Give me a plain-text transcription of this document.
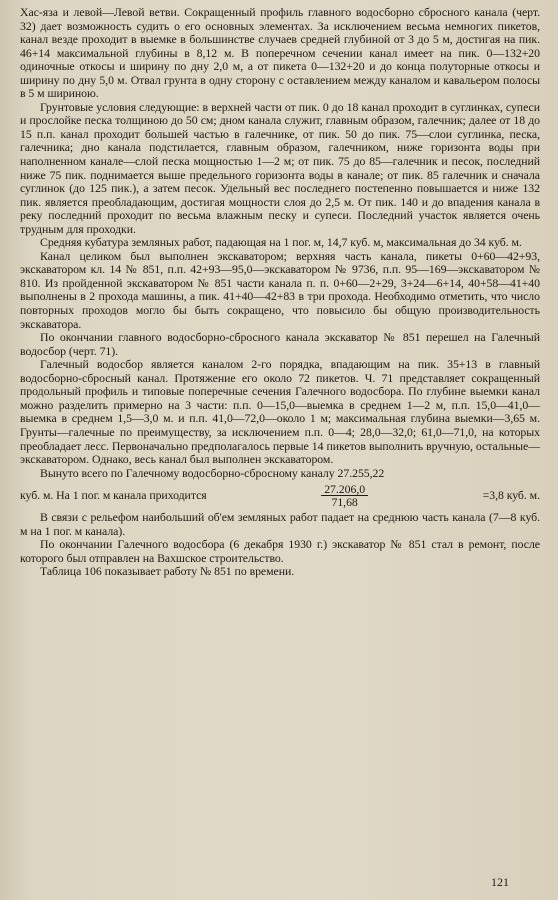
Хас-яза и левой—Левой ветви. Сокращенный профиль главного водосборно сбросного канала (черт. 32) дает возможность судить о его основных элементах. За исключением весьма немногих пикетов, канал везде проходит в выемке в большинстве случаев средней глубиной от 3 до 5 м, достигая на пик. 46+14 максимальной глубины в 8,12 м. В поперечном сечении канал имеет на пик. 0—132+20 одиночные откосы и ширину по дну 2,0 м, а от пикета 0—132+20 и до конца полуторные откосы и ширину по дну 5,0 м. Отвал грунта в одну сторону с оставлением между каналом и кавальером полосы в 5 м шириною.

Грунтовые условия следующие: в верхней части от пик. 0 до 18 канал проходит в суглинках, супеси и прослойке песка толщиною до 50 см; дном канала служит, главным образом, галечник; далее от 18 до 15 п.п. канал проходит большей частью в галечнике, от пик. 50 до пик. 75—слои суглинка, песка, галечника; дно канала подстилается, главным образом, галечником, ниже горизонта воды при наполненном канале—слой песка мощностью 1—2 м; от пик. 75 до 85—галечник и песок, последний ниже 75 пик. поднимается выше предельного горизонта воды в канале; от пик. 85 галечник и сначала суглинок (до 125 пик.), а затем песок. Удельный вес последнего постепенно повышается и ниже 132 пик. является преобладающим, достигая мощности слоя до 2,5 м. От пик. 140 и до впадения канала в реку последний проходит по весьма влажным песку и супеси. Последний участок является очень трудным для проходки.

Средняя кубатура земляных работ, падающая на 1 пог. м, 14,7 куб. м, максимальная до 34 куб. м.

Канал целиком был выполнен экскаватором; верхняя часть канала, пикеты 0+60—42+93, экскаватором кл. 14 № 851, п.п. 42+93—95,0—экскаватором № 9736, п.п. 95—169—экскаватором № 810. Из пройденной экскаватором № 851 части канала п. п. 0+60—2+29, 3+24—6+14, 40+58—41+40 выполнены в 2 прохода машины, а пик. 41+40—42+83 в три прохода. Необходимо отметить, что число повторных проходов могло бы быть сокращено, что повысило бы общую производительность экскаватора.

По окончании главного водосборно-сбросного канала экскаватор № 851 перешел на Галечный водосбор (черт. 71).

Галечный водосбор является каналом 2-го порядка, впадающим на пик. 35+13 в главный водосборно-сбросный канал. Протяжение его около 72 пикетов. Ч. 71 представляет сокращенный продольный профиль и типовые поперечные сечения Галечного водосбора. По глубине выемки канал можно разделить примерно на 3 части: п.п. 0—15,0—выемка в среднем 1—2 м, п.п. 15,0—41,0—выемка в среднем 1,5—3,0 м. и п.п. 41,0—72,0—около 1 м; максимальная глубина выемки—3,65 м. Грунты—галечные по преимуществу, за исключением п.п. 0—4; 28,0—32,0; 61,0—71,0, на которых преобладает лесс. Первоначально предполагалось первые 14 пикетов выполнить вручную, остальные—экскаватором. Однако, весь канал был выполнен экскаватором.

Вынуто всего по Галечному водосборно-сбросному каналу 27.255,22

куб. м. На 1 пог. м канала приходится	$\frac{27.206,0}{71,68}$	=3,8 куб. м.

В связи с рельефом наибольший об'ем земляных работ падает на среднюю часть канала (7—8 куб. м на 1 пог. м канала).

По окончании Галечного водосбора (6 декабря 1930 г.) экскаватор № 851 стал в ремонт, после которого был отправлен на Вахшское строительство.

Таблица 106 показывает работу № 851 по времени.

121
